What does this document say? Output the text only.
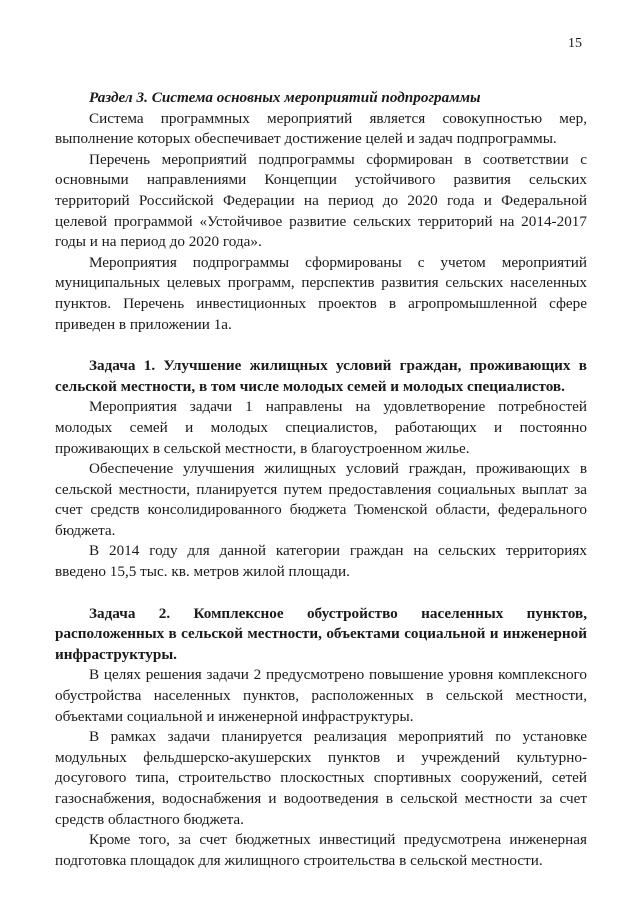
15

Раздел 3. Система основных мероприятий подпрограммы

Система программных мероприятий является совокупностью мер, выполнение которых обеспечивает достижение целей и задач подпрограммы.

Перечень мероприятий подпрограммы сформирован в соответствии с основными направлениями Концепции устойчивого развития сельских территорий Российской Федерации на период до 2020 года и Федеральной целевой программой «Устойчивое развитие сельских территорий на 2014-2017 годы и на период до 2020 года».

Мероприятия подпрограммы сформированы с учетом мероприятий муниципальных целевых программ, перспектив развития сельских населенных пунктов. Перечень инвестиционных проектов в агропромышленной сфере приведен в приложении 1а.

Задача 1. Улучшение жилищных условий граждан, проживающих в сельской местности, в том числе молодых семей и молодых специалистов.

Мероприятия задачи 1 направлены на удовлетворение потребностей молодых семей и молодых специалистов, работающих и постоянно проживающих в сельской местности, в благоустроенном жилье.

Обеспечение улучшения жилищных условий граждан, проживающих в сельской местности, планируется путем предоставления социальных выплат за счет средств консолидированного бюджета Тюменской области, федерального бюджета.

В 2014 году для данной категории граждан на сельских территориях введено 15,5 тыс. кв. метров жилой площади.

Задача 2. Комплексное обустройство населенных пунктов, расположенных в сельской местности, объектами социальной и инженерной инфраструктуры.

В целях решения задачи 2 предусмотрено повышение уровня комплексного обустройства населенных пунктов, расположенных в сельской местности, объектами социальной и инженерной инфраструктуры.

В рамках задачи планируется реализация мероприятий по установке модульных фельдшерско-акушерских пунктов и учреждений культурно-досугового типа, строительство плоскостных спортивных сооружений, сетей газоснабжения, водоснабжения и водоотведения в сельской местности за счет средств областного бюджета.

Кроме того, за счет бюджетных инвестиций предусмотрена инженерная подготовка площадок для жилищного строительства в сельской местности.
